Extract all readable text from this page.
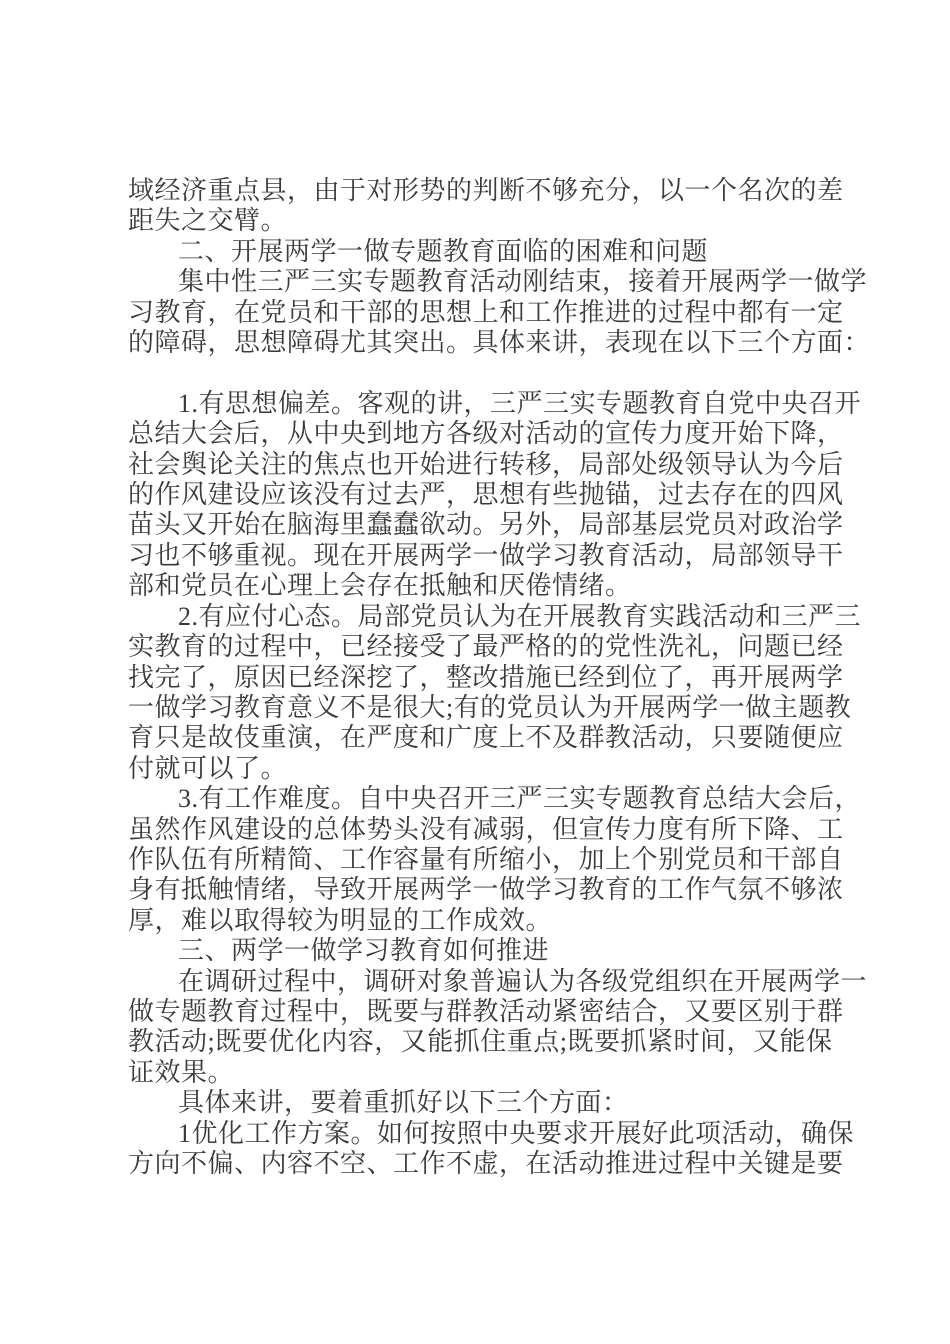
域经济重点县，由于对形势的判断不够充分，以一个名次的差
距失之交臂。
二、开展两学一做专题教育面临的困难和问题
集中性三严三实专题教育活动刚结束，接着开展两学一做学
习教育，在党员和干部的思想上和工作推进的过程中都有一定
的障碍，思想障碍尤其突出。具体来讲，表现在以下三个方面：

1.有思想偏差。客观的讲，三严三实专题教育自党中央召开
总结大会后，从中央到地方各级对活动的宣传力度开始下降，
社会舆论关注的焦点也开始进行转移，局部处级领导认为今后
的作风建设应该没有过去严，思想有些抛锚，过去存在的四风
苗头又开始在脑海里蠢蠢欲动。另外，局部基层党员对政治学
习也不够重视。现在开展两学一做学习教育活动，局部领导干
部和党员在心理上会存在抵触和厌倦情绪。
2.有应付心态。局部党员认为在开展教育实践活动和三严三
实教育的过程中，已经接受了最严格的的党性洗礼，问题已经
找完了，原因已经深挖了，整改措施已经到位了，再开展两学
一做学习教育意义不是很大;有的党员认为开展两学一做主题教
育只是故伎重演，在严度和广度上不及群教活动，只要随便应
付就可以了。
3.有工作难度。自中央召开三严三实专题教育总结大会后，
虽然作风建设的总体势头没有减弱，但宣传力度有所下降、工
作队伍有所精简、工作容量有所缩小，加上个别党员和干部自
身有抵触情绪，导致开展两学一做学习教育的工作气氛不够浓
厚，难以取得较为明显的工作成效。
三、两学一做学习教育如何推进
在调研过程中，调研对象普遍认为各级党组织在开展两学一
做专题教育过程中，既要与群教活动紧密结合，又要区别于群
教活动;既要优化内容，又能抓住重点;既要抓紧时间，又能保
证效果。
具体来讲，要着重抓好以下三个方面：
1优化工作方案。如何按照中央要求开展好此项活动，确保
方向不偏、内容不空、工作不虚，在活动推进过程中关键是要
